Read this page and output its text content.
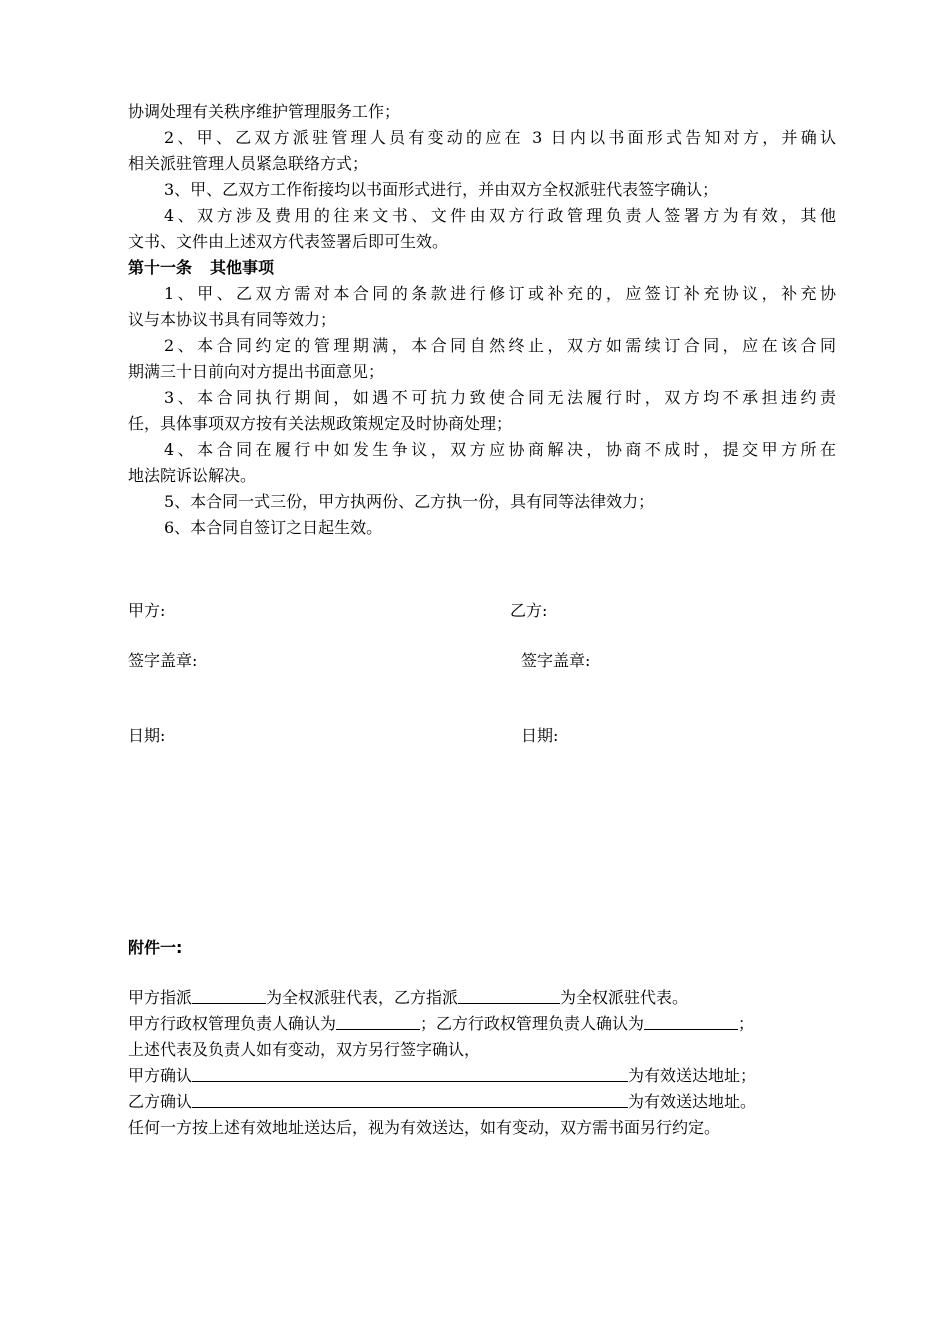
协调处理有关秩序维护管理服务工作；
2、甲、乙双方派驻管理人员有变动的应在 3 日内以书面形式告知对方，并确认
相关派驻管理人员紧急联络方式；
3、甲、乙双方工作衔接均以书面形式进行，并由双方全权派驻代表签字确认；
4、双方涉及费用的往来文书、文件由双方行政管理负责人签署方为有效，其他
文书、文件由上述双方代表签署后即可生效。
第十一条 其他事项
1、甲、乙双方需对本合同的条款进行修订或补充的，应签订补充协议，补充协
议与本协议书具有同等效力；
2、本合同约定的管理期满，本合同自然终止，双方如需续订合同，应在该合同
期满三十日前向对方提出书面意见；
3、本合同执行期间，如遇不可抗力致使合同无法履行时，双方均不承担违约责
任，具体事项双方按有关法规政策规定及时协商处理；
4、本合同在履行中如发生争议，双方应协商解决，协商不成时，提交甲方所在
地法院诉讼解决。
5、本合同一式三份，甲方执两份、乙方执一份，具有同等法律效力；
6、本合同自签订之日起生效。
甲方:	乙方:
签字盖章:	签字盖章:
日期:	日期:
附件一:
甲方指派	为全权派驻代表，乙方指派	为全权派驻代表。
甲方行政权管理负责人确认为	；乙方行政权管理负责人确认为	；
上述代表及负责人如有变动，双方另行签字确认，
甲方确认	为有效送达地址；
乙方确认	为有效送达地址。
任何一方按上述有效地址送达后，视为有效送达，如有变动，双方需书面另行约定。
